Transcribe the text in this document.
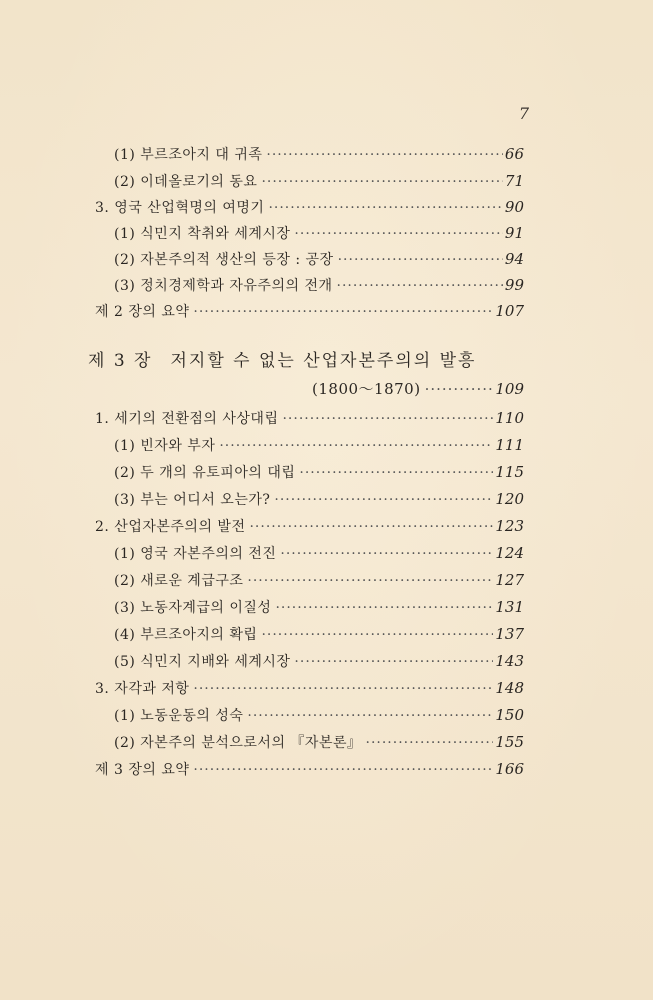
7
(1) 부르조아지 대 귀족 ·····	66
(2) 이데올로기의 동요 ·····	71
3. 영국 산업혁명의 여명기 ·····	90
(1) 식민지 착취와 세계시장 ·····	91
(2) 자본주의적 생산의 등장 : 공장 ·····	94
(3) 정치경제학과 자유주의의 전개 ·····	99
제 2 장의 요약 ·····	107
제 3 장 저지할 수 없는 산업자본주의의 발흥
(1800～1870) ·····	109
1. 세기의 전환점의 사상대립 ·····	110
(1) 빈자와 부자 ·····	111
(2) 두 개의 유토피아의 대립 ·····	115
(3) 부는 어디서 오는가? ·····	120
2. 산업자본주의의 발전 ·····	123
(1) 영국 자본주의의 전진 ·····	124
(2) 새로운 계급구조 ·····	127
(3) 노동자계급의 이질성 ·····	131
(4) 부르조아지의 확립 ·····	137
(5) 식민지 지배와 세계시장 ·····	143
3. 자각과 저항 ·····	148
(1) 노동운동의 성숙 ·····	150
(2) 자본주의 분석으로서의 『자본론』 ·····	155
제 3 장의 요약 ·····	166
